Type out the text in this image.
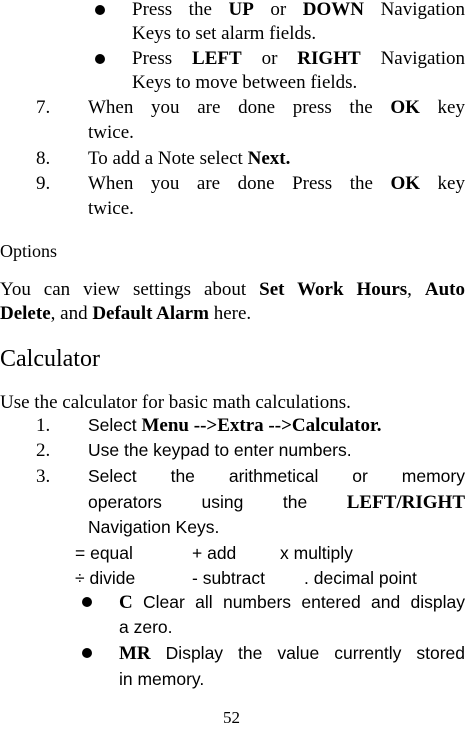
Press the UP or DOWN Navigation
Keys to set alarm fields.
Press LEFT or RIGHT Navigation
Keys to move between fields.
7. When you are done press the OK key
twice.
8. To add a Note select Next.
9. When you are done Press the OK key
twice.
Options
You can view settings about Set Work Hours, Auto
Delete, and Default Alarm here.
Calculator
Use the calculator for basic math calculations.
1. Select Menu -->Extra -->Calculator.
2. Use the keypad to enter numbers.
3. Select the arithmetical or memory
operators using the LEFT/RIGHT
Navigation Keys.
= equal	+ add x multiply
÷ divide	- subtract . decimal point
C Clear all numbers entered and display
a zero.
MR Display the value currently stored
in memory.
52
